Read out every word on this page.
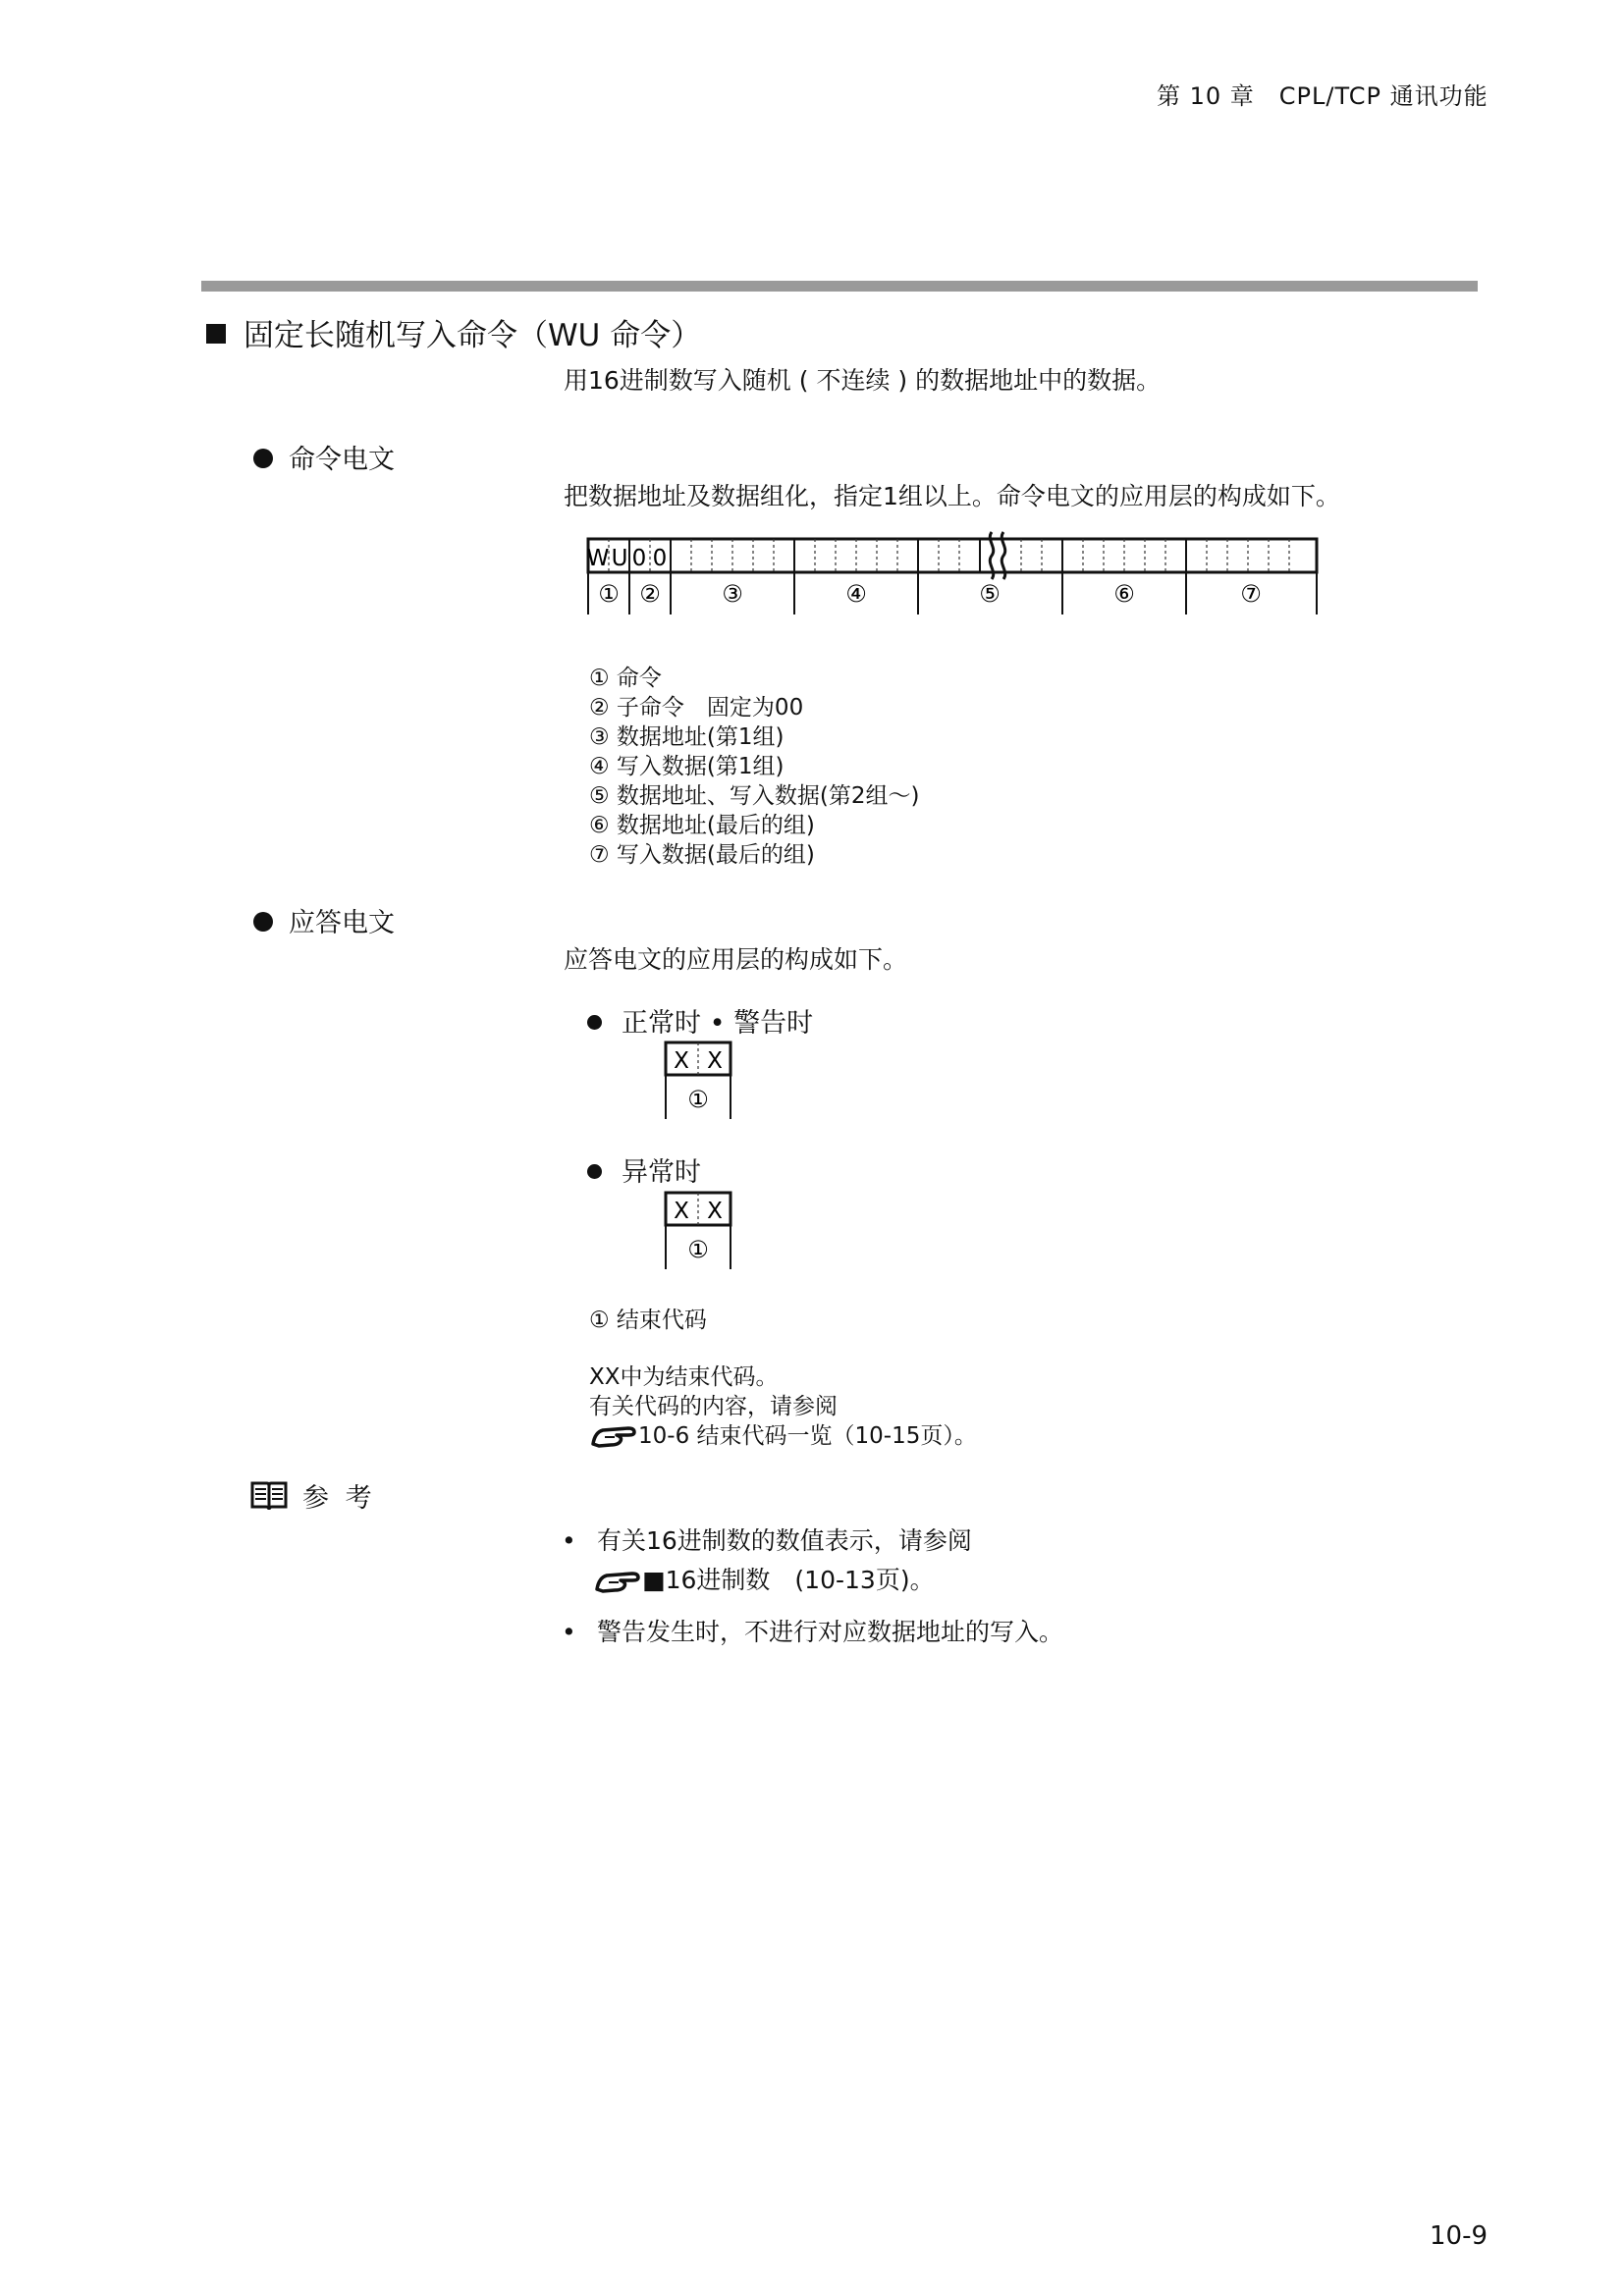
第 10 章　CPL/TCP 通讯功能
固定长随机写入命令（WU 命令）
用16进制数写入随机 ( 不连续 ) 的数据地址中的数据。
命令电文
把数据地址及数据组化，指定1组以上。命令电文的应用层的构成如下。
W U 0 0
① ②	③	④	⑤	⑥	⑦
① 命令
② 子命令　固定为00
③ 数据地址(第1组)
④ 写入数据(第1组)
⑤ 数据地址、写入数据(第2组～)
⑥ 数据地址(最后的组)
⑦ 写入数据(最后的组)
应答电文
应答电文的应用层的构成如下。
正常时 • 警告时
X X
①
异常时
X X
①
① 结束代码
XX中为结束代码。
有关代码的内容，请参阅
10-6 结束代码一览（10-15页）。
参 考
• 有关16进制数的数值表示，请参阅
■16进制数　(10-13页)。
• 警告发生时，不进行对应数据地址的写入。
10-9
